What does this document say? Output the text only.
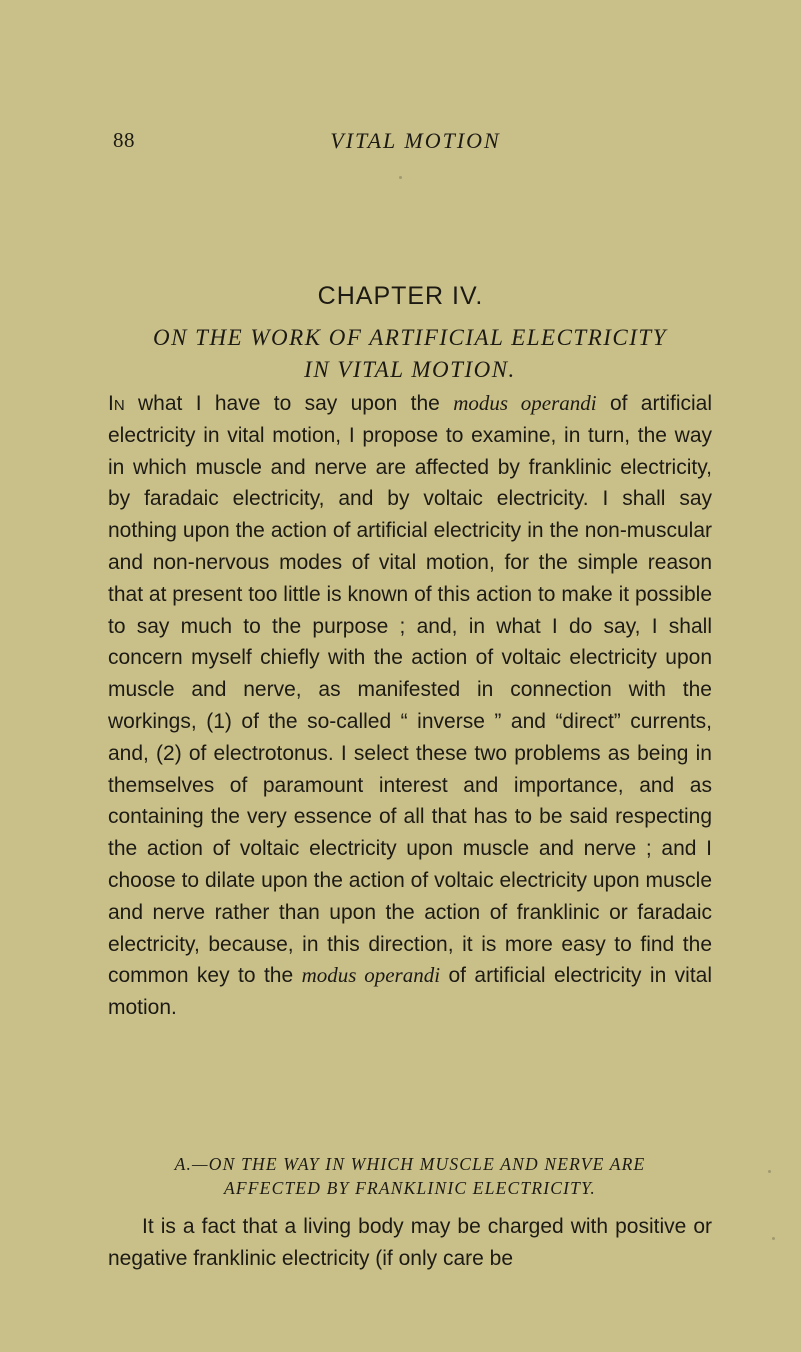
88	VITAL MOTION
CHAPTER IV.
ON THE WORK OF ARTIFICIAL ELECTRICITY
IN VITAL MOTION.

In what I have to say upon the modus operandi of artificial electricity in vital motion, I propose to examine, in turn, the way in which muscle and nerve are affected by franklinic electricity, by faradaic electricity, and by voltaic electricity. I shall say nothing upon the action of artificial electricity in the non-muscular and non-nervous modes of vital motion, for the simple reason that at present too little is known of this action to make it possible to say much to the purpose ; and, in what I do say, I shall concern myself chiefly with the action of voltaic electricity upon muscle and nerve, as manifested in connection with the workings, (1) of the so-called “ inverse ” and “direct” currents, and, (2) of electrotonus. I select these two problems as being in themselves of paramount interest and importance, and as containing the very essence of all that has to be said respecting the action of voltaic electricity upon muscle and nerve ; and I choose to dilate upon the action of voltaic electricity upon muscle and nerve rather than upon the action of franklinic or faradaic electricity, because, in this direction, it is more easy to find the common key to the modus operandi of artificial electricity in vital motion.

A.—ON THE WAY IN WHICH MUSCLE AND NERVE ARE
AFFECTED BY FRANKLINIC ELECTRICITY.

It is a fact that a living body may be charged with positive or negative franklinic electricity (if only care be
